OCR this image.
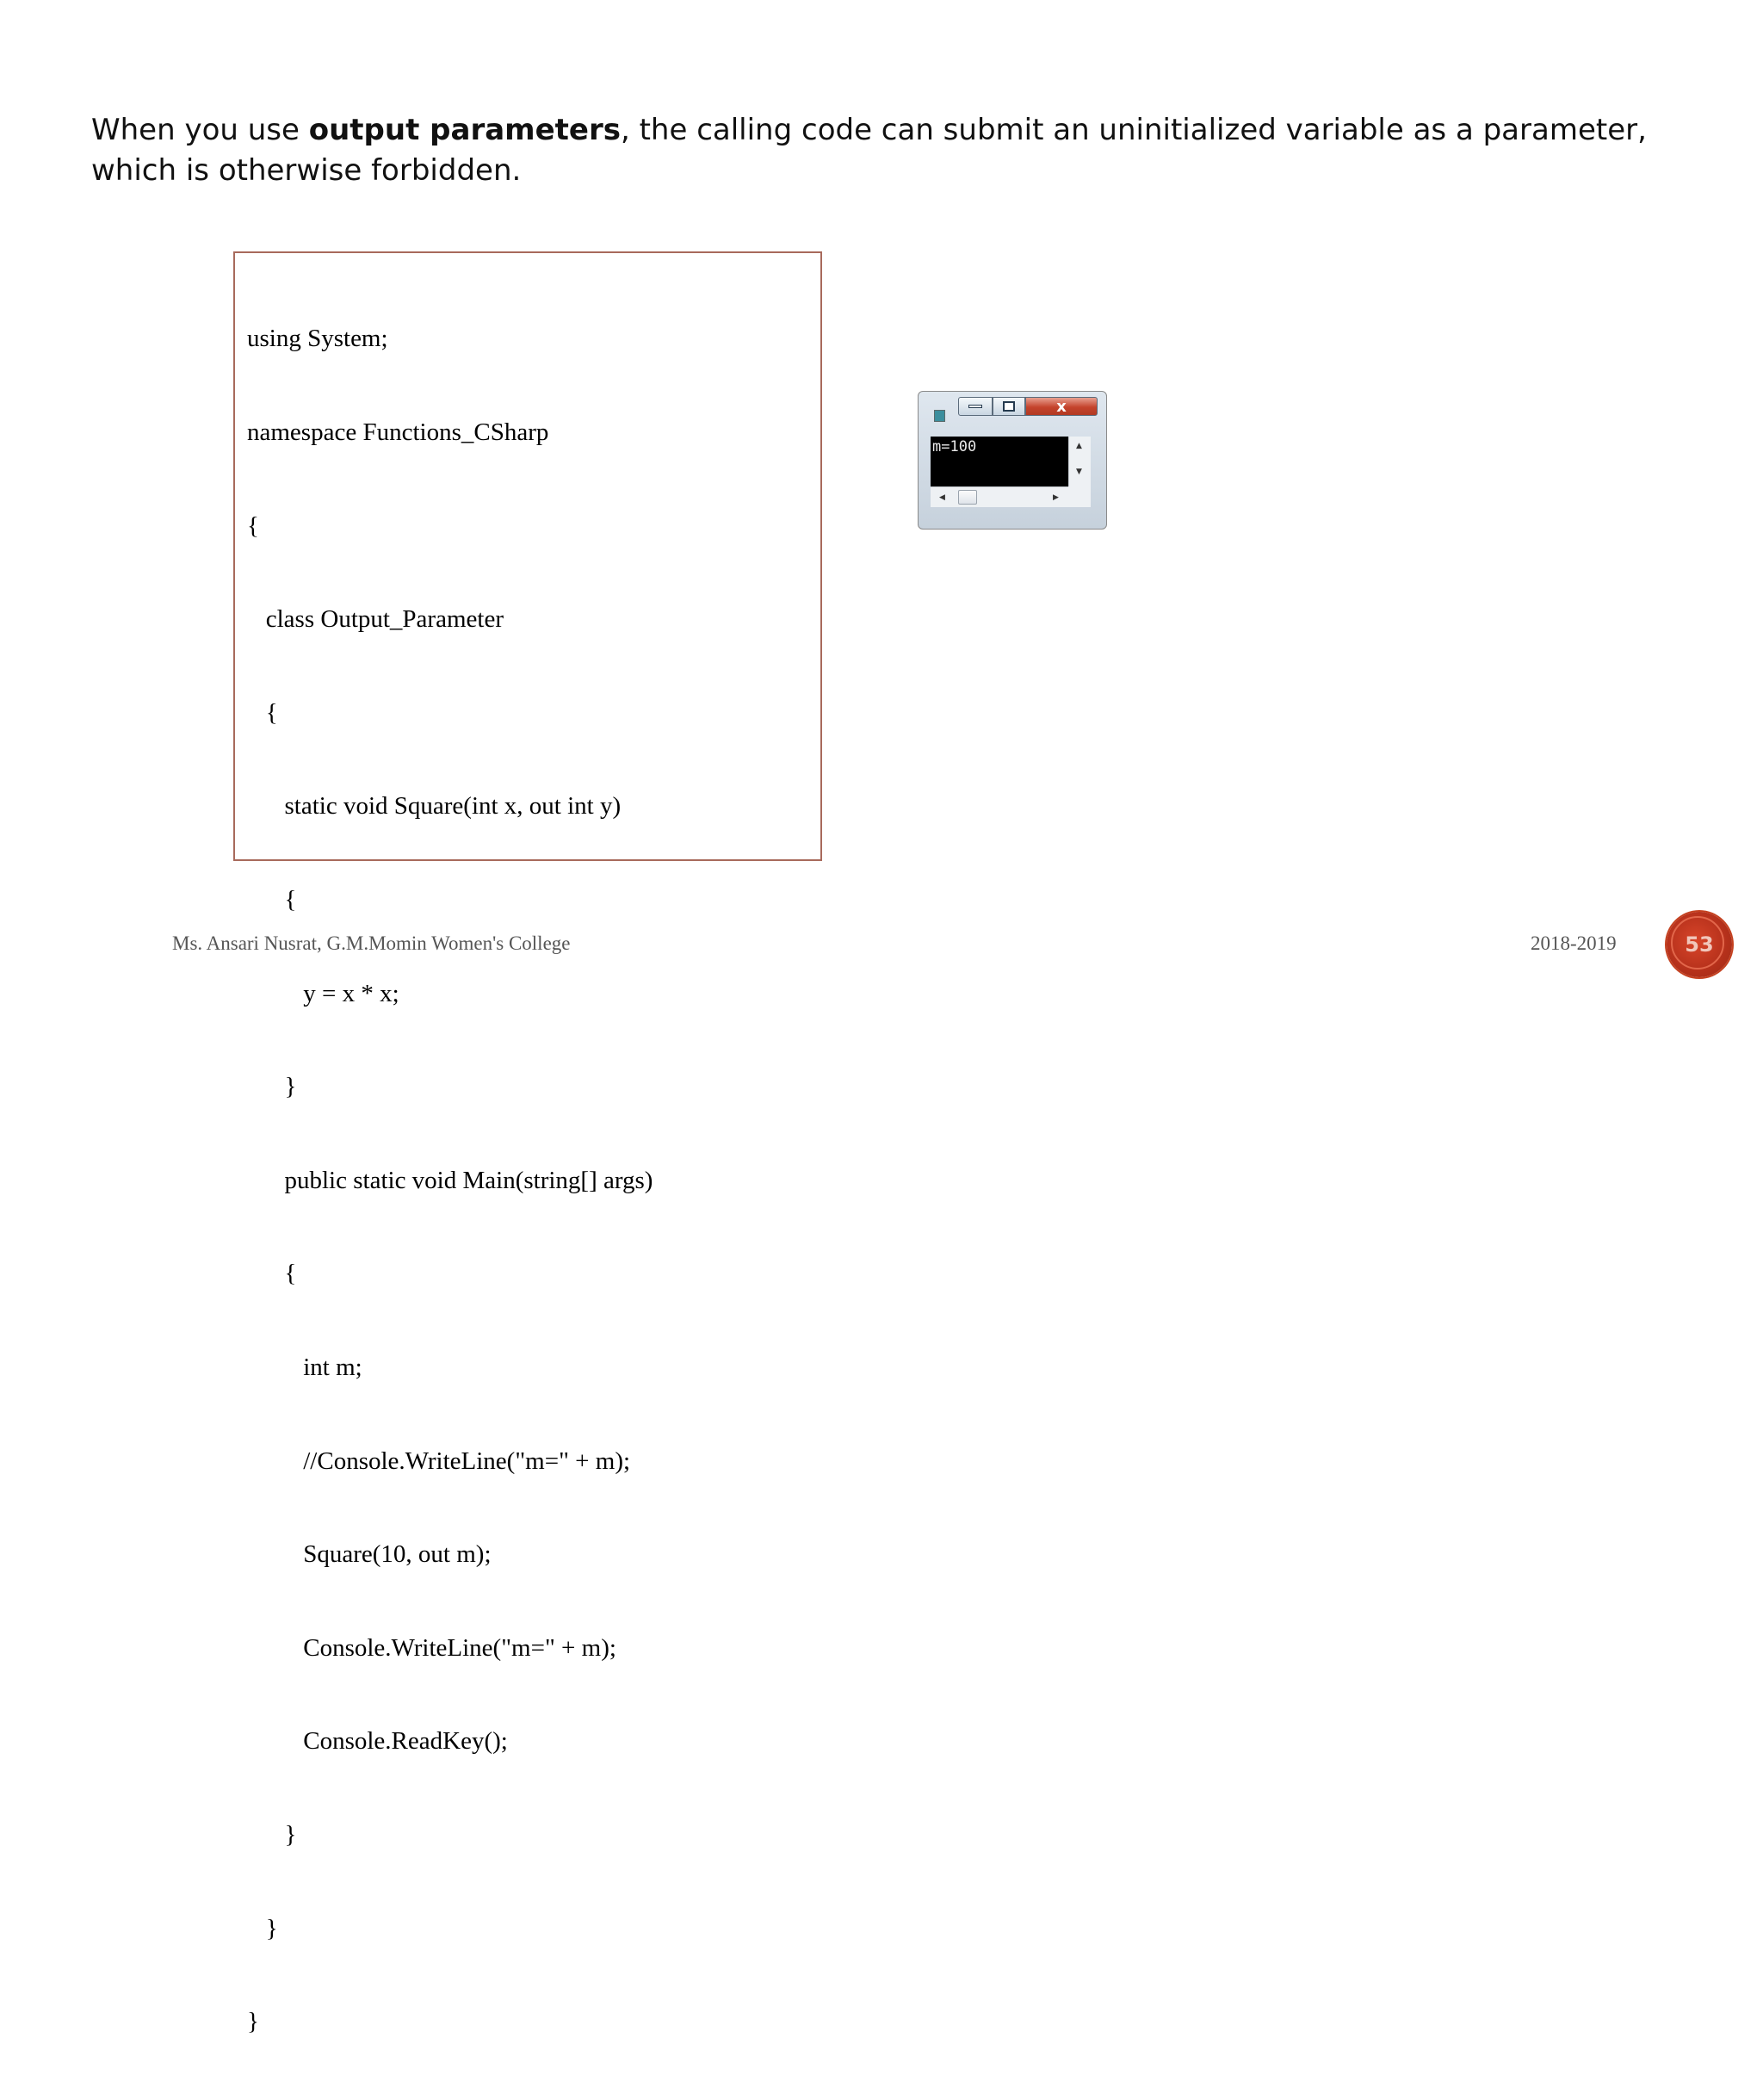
When you use output parameters, the calling code can submit an uninitialized variable as a parameter, which is otherwise forbidden.

using System;

namespace Functions_CSharp

{

class Output_Parameter

{

static void Square(int x, out int y)

{

y = x * x;

}

public static void Main(string[] args)

{

int m;

//Console.WriteLine("m=" + m);

Square(10, out m);

Console.WriteLine("m=" + m);

Console.ReadKey();

}

}

}

x
m=100	▲
▼
◀	▶
Ms. Ansari Nusrat, G.M.Momin Women's College	2018-2019	53
